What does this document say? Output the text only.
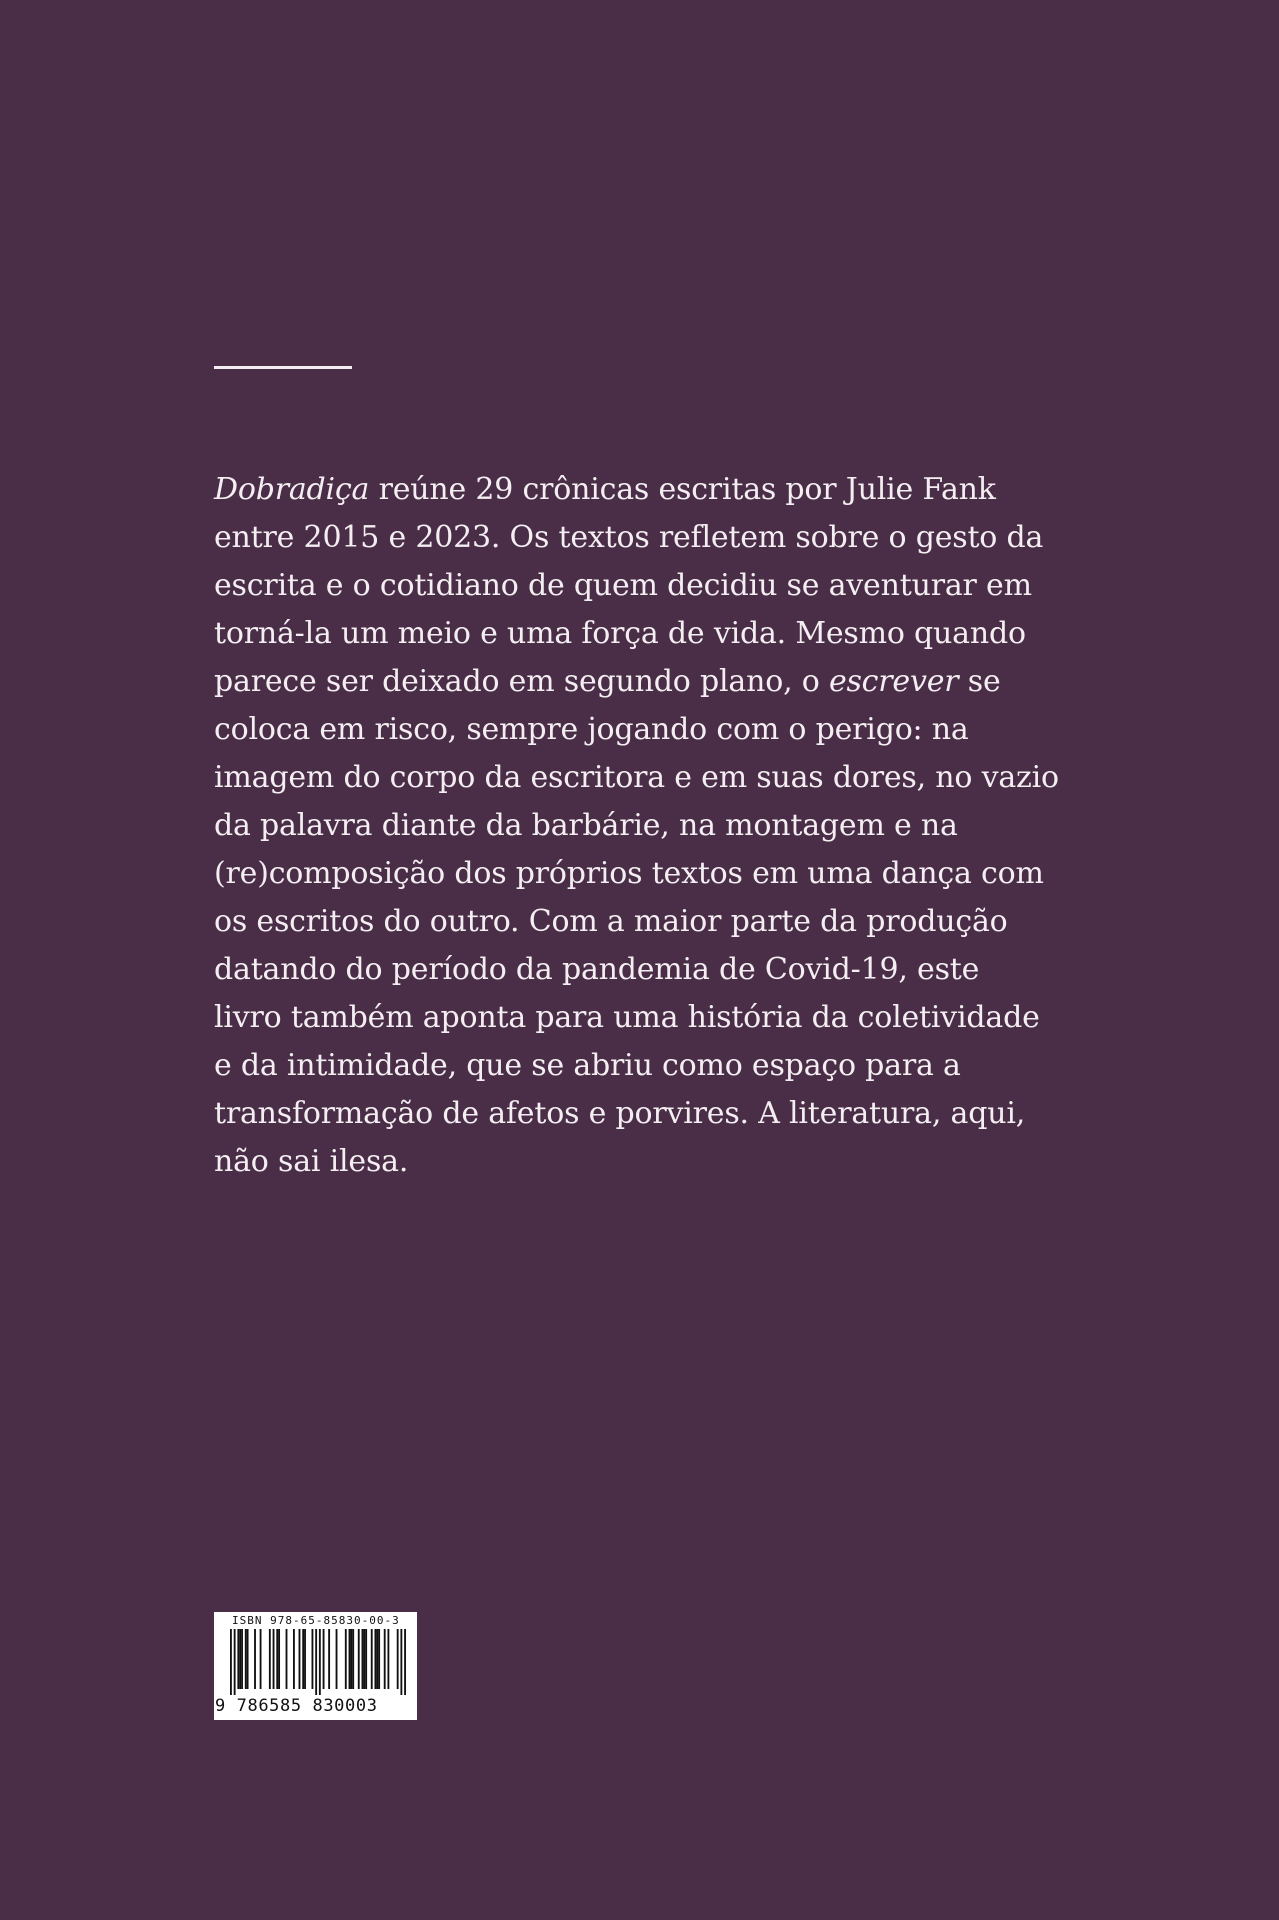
Dobradiça reúne 29 crônicas escritas por Julie Fank
entre 2015 e 2023. Os textos refletem sobre o gesto da
escrita e o cotidiano de quem decidiu se aventurar em
torná-la um meio e uma força de vida. Mesmo quando
parece ser deixado em segundo plano, o escrever se
coloca em risco, sempre jogando com o perigo: na
imagem do corpo da escritora e em suas dores, no vazio
da palavra diante da barbárie, na montagem e na
(re)composição dos próprios textos em uma dança com
os escritos do outro. Com a maior parte da produção
datando do período da pandemia de Covid-19, este
livro também aponta para uma história da coletividade
e da intimidade, que se abriu como espaço para a
transformação de afetos e porvires. A literatura, aqui,
não sai ilesa.

ISBN 978-65-85830-00-3
9 786585 830003
